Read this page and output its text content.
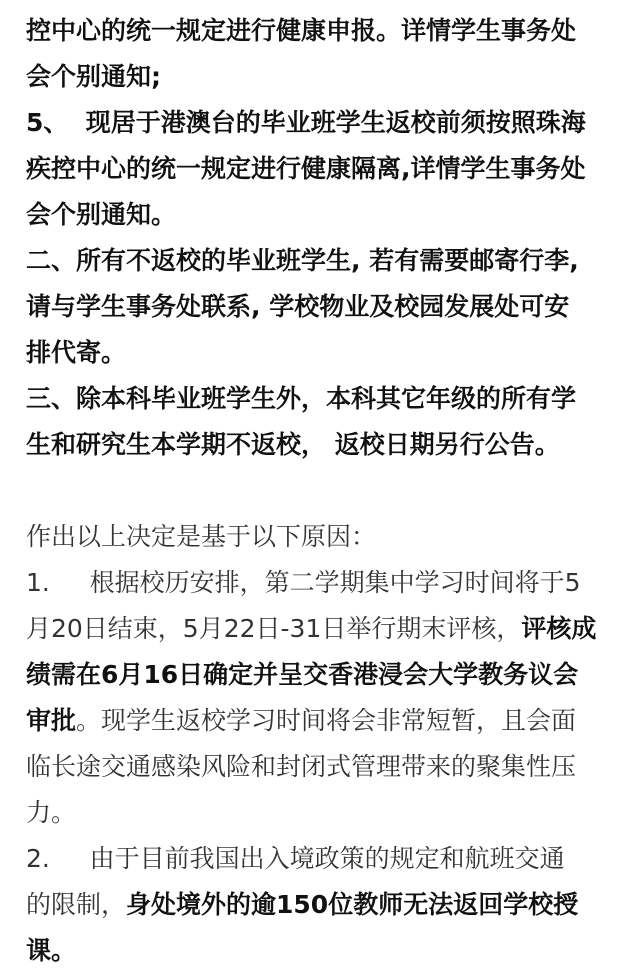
控中心的统一规定进行健康申报。详情学生事务处
会个别通知;
5、  现居于港澳台的毕业班学生返校前须按照珠海
疾控中心的统一规定进行健康隔离,详情学生事务处
会个别通知。
二、所有不返校的毕业班学生, 若有需要邮寄行李,
请与学生事务处联系, 学校物业及校园发展处可安
排代寄。
三、除本科毕业班学生外，本科其它年级的所有学
生和研究生本学期不返校， 返校日期另行公告。
作出以上决定是基于以下原因：
1.     根据校历安排，第二学期集中学习时间将于5
月20日结束，5月22日-31日举行期末评核，评核成
绩需在6月16日确定并呈交香港浸会大学教务议会
审批。现学生返校学习时间将会非常短暂，且会面
临长途交通感染风险和封闭式管理带来的聚集性压
力。
2.     由于目前我国出入境政策的规定和航班交通
的限制，身处境外的逾150位教师无法返回学校授
课。
